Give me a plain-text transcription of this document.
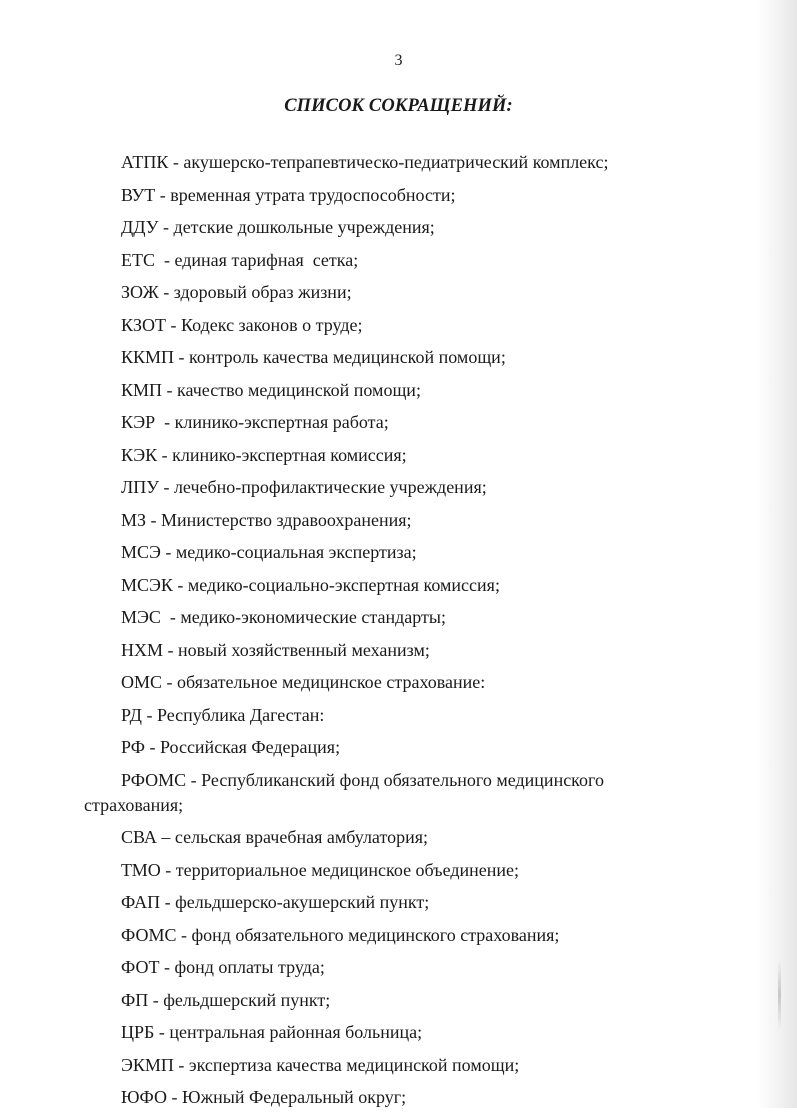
3
СПИСОК СОКРАЩЕНИЙ:
АТПК - акушерско-тепрапевтическо-педиатрический комплекс;
ВУТ - временная утрата трудоспособности;
ДДУ - детские дошкольные учреждения;
ЕТС  - единая тарифная  сетка;
ЗОЖ - здоровый образ жизни;
КЗОТ - Кодекс законов о труде;
ККМП - контроль качества медицинской помощи;
КМП - качество медицинской помощи;
КЭР  - клинико-экспертная работа;
КЭК - клинико-экспертная комиссия;
ЛПУ - лечебно-профилактические учреждения;
МЗ - Министерство здравоохранения;
МСЭ - медико-социальная экспертиза;
МСЭК - медико-социально-экспертная комиссия;
МЭС  - медико-экономические стандарты;
НХМ - новый хозяйственный механизм;
ОМС - обязательное медицинское страхование:
РД - Республика Дагестан:
РФ - Российская Федерация;
РФОМС - Республиканский фонд обязательного медицинского
страхования;
СВА – сельская врачебная амбулатория;
ТМО - территориальное медицинское объединение;
ФАП - фельдшерско-акушерский пункт;
ФОМС - фонд обязательного медицинского страхования;
ФОТ - фонд оплаты труда;
ФП - фельдшерский пункт;
ЦРБ - центральная районная больница;
ЭКМП - экспертиза качества медицинской помощи;
ЮФО - Южный Федеральный округ;
